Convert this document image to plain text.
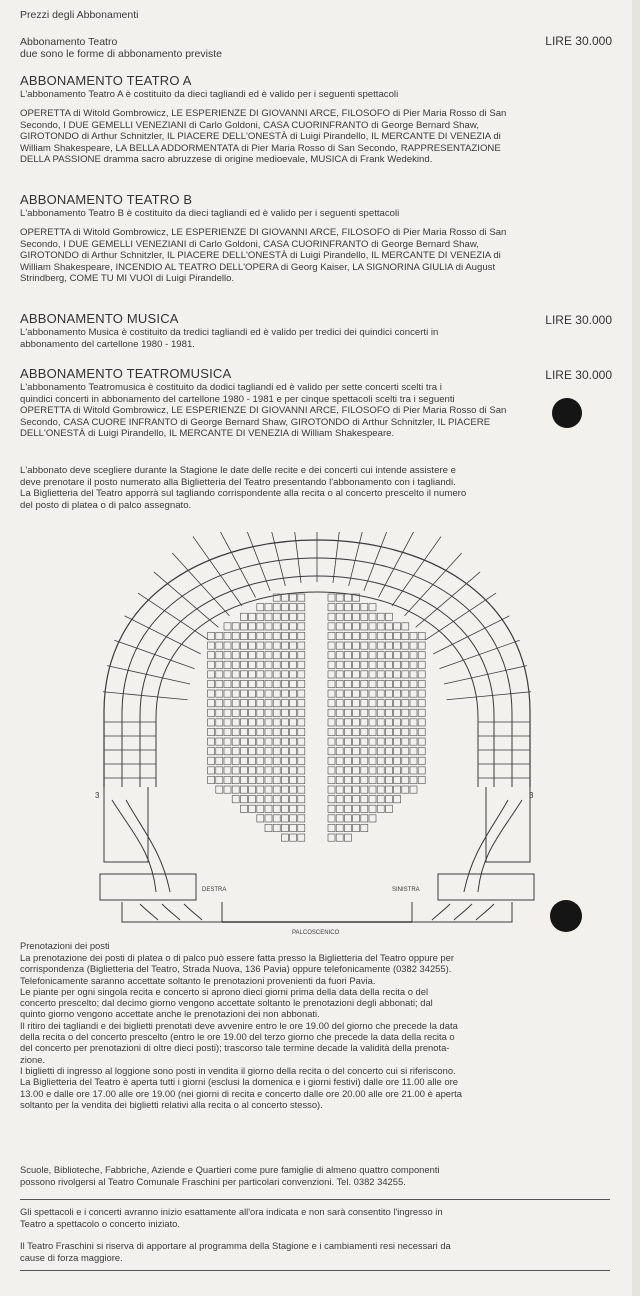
Prezzi degli Abbonamenti
Abbonamento Teatro	LIRE 30.000
due sono le forme di abbonamento previste
ABBONAMENTO TEATRO A
L'abbonamento Teatro A è costituito da dieci tagliandi ed è valido per i seguenti spettacoli

OPERETTA di Witold Gombrowicz, LE ESPERIENZE DI GIOVANNI ARCE, FILOSOFO di Pier Maria Rosso di San

Secondo, I DUE GEMELLI VENEZIANI di Carlo Goldoni, CASA CUORINFRANTO di George Bernard Shaw,

GIROTONDO di Arthur Schnitzler, IL PIACERE DELL'ONESTÀ di Luigi Pirandello, IL MERCANTE DI VENEZIA di

William Shakespeare, LA BELLA ADDORMENTATA di Pier Maria Rosso di San Secondo, RAPPRESENTAZIONE

DELLA PASSIONE dramma sacro abruzzese di origine medioevale, MUSICA di Frank Wedekind.

ABBONAMENTO TEATRO B
L'abbonamento Teatro B è costituito da dieci tagliandi ed è valido per i seguenti spettacoli

OPERETTA di Witold Gombrowicz, LE ESPERIENZE DI GIOVANNI ARCE, FILOSOFO di Pier Maria Rosso di San

Secondo, I DUE GEMELLI VENEZIANI di Carlo Goldoni, CASA CUORINFRANTO di George Bernard Shaw,

GIROTONDO di Arthur Schnitzler, IL PIACERE DELL'ONESTÀ di Luigi Pirandello, IL MERCANTE DI VENEZIA di

William Shakespeare, INCENDIO AL TEATRO DELL'OPERA di Georg Kaiser, LA SIGNORINA GIULIA di August

Strindberg, COME TU MI VUOI di Luigi Pirandello.

ABBONAMENTO MUSICA	LIRE 30.000

L'abbonamento Musica è costituito da tredici tagliandi ed è valido per tredici dei quindici concerti in

abbonamento del cartellone 1980 - 1981.

ABBONAMENTO TEATROMUSICA	LIRE 30.000

L'abbonamento Teatromusica è costituito da dodici tagliandi ed è valido per sette concerti scelti tra i

quindici concerti in abbonamento del cartellone 1980 - 1981 e per cinque spettacoli scelti tra i seguenti

OPERETTA di Witold Gombrowicz, LE ESPERIENZE DI GIOVANNI ARCE, FILOSOFO di Pier Maria Rosso di San

Secondo, CASA CUORE INFRANTO di George Bernard Shaw, GIROTONDO di Arthur Schnitzler, IL PIACERE

DELL'ONESTÀ di Luigi Pirandello, IL MERCANTE DI VENEZIA di William Shakespeare.

L'abbonato deve scegliere durante la Stagione le date delle recite e dei concerti cui intende assistere e

deve prenotare il posto numerato alla Biglietteria del Teatro presentando l'abbonamento con i tagliandi.

La Biglietteria del Teatro apporrà sul tagliando corrispondente alla recita o al concerto prescelto il numero

del posto di platea o di palco assegnato.

3	3
DESTRA	SINISTRA
PALCOSCENICO
Prenotazioni dei posti

La prenotazione dei posti di platea o di palco può essere fatta presso la Biglietteria del Teatro oppure per

corrispondenza (Biglietteria del Teatro, Strada Nuova, 136 Pavia) oppure telefonicamente (0382 34255).

Telefonicamente saranno accettate soltanto le prenotazioni provenienti da fuori Pavia.

Le piante per ogni singola recita e concerto si aprono dieci giorni prima della data della recita o del

concerto prescelto; dal decimo giorno vengono accettate soltanto le prenotazioni degli abbonati; dal

quinto giorno vengono accettate anche le prenotazioni dei non abbonati.

Il ritiro dei tagliandi e dei biglietti prenotati deve avvenire entro le ore 19.00 del giorno che precede la data

della recita o del concerto prescelto (entro le ore 19.00 del terzo giorno che precede la data della recita o

del concerto per prenotazioni di oltre dieci posti); trascorso tale termine decade la validità della prenota-

zione.

I biglietti di ingresso al loggione sono posti in vendita il giorno della recita o del concerto cui si riferiscono.

La Biglietteria del Teatro è aperta tutti i giorni (esclusi la domenica e i giorni festivi) dalle ore 11.00 alle ore

13.00 e dalle ore 17.00 alle ore 19.00 (nei giorni di recita e concerto dalle ore 20.00 alle ore 21.00 è aperta

soltanto per la vendita dei biglietti relativi alla recita o al concerto stesso).

Scuole, Biblioteche, Fabbriche, Aziende e Quartieri come pure famiglie di almeno quattro componenti

possono rivolgersi al Teatro Comunale Fraschini per particolari convenzioni. Tel. 0382 34255.

Gli spettacoli e i concerti avranno inizio esattamente all'ora indicata e non sarà consentito l'ingresso in

Teatro a spettacolo o concerto iniziato.

Il Teatro Fraschini si riserva di apportare al programma della Stagione e i cambiamenti resi necessari da

cause di forza maggiore.
